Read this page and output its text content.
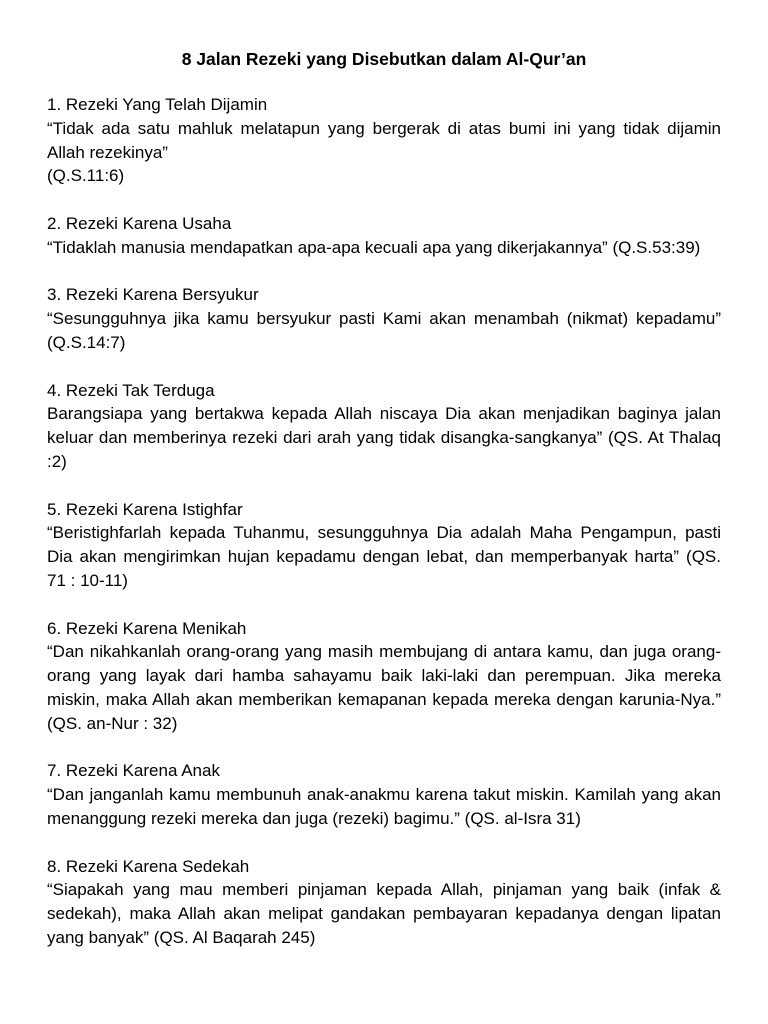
8 Jalan Rezeki yang Disebutkan dalam Al-Qur’an
1. Rezeki Yang Telah Dijamin
“Tidak ada satu mahluk melatapun yang bergerak di atas bumi ini yang tidak dijamin Allah rezekinya”
(Q.S.11:6)
2. Rezeki Karena Usaha
“Tidaklah manusia mendapatkan apa-apa kecuali apa yang dikerjakannya” (Q.S.53:39)
3. Rezeki Karena Bersyukur
“Sesungguhnya jika kamu bersyukur pasti Kami akan menambah (nikmat) kepadamu” (Q.S.14:7)
4. Rezeki Tak Terduga
Barangsiapa yang bertakwa kepada Allah niscaya Dia akan menjadikan baginya jalan keluar dan memberinya rezeki dari arah yang tidak disangka-sangkanya” (QS. At Thalaq :2)
5. Rezeki Karena Istighfar
“Beristighfarlah kepada Tuhanmu, sesungguhnya Dia adalah Maha Pengampun, pasti Dia akan mengirimkan hujan kepadamu dengan lebat, dan memperbanyak harta” (QS. 71 : 10-11)
6. Rezeki Karena Menikah
“Dan nikahkanlah orang-orang yang masih membujang di antara kamu, dan juga orang-orang yang layak dari hamba sahayamu baik laki-laki dan perempuan. Jika mereka miskin, maka Allah akan memberikan kemapanan kepada mereka dengan karunia-Nya.” (QS. an-Nur : 32)
7. Rezeki Karena Anak
“Dan janganlah kamu membunuh anak-anakmu karena takut miskin. Kamilah yang akan menanggung rezeki mereka dan juga (rezeki) bagimu.” (QS. al-Isra 31)
8. Rezeki Karena Sedekah
“Siapakah yang mau memberi pinjaman kepada Allah, pinjaman yang baik (infak & sedekah), maka Allah akan melipat gandakan pembayaran kepadanya dengan lipatan yang banyak” (QS. Al Baqarah 245)
